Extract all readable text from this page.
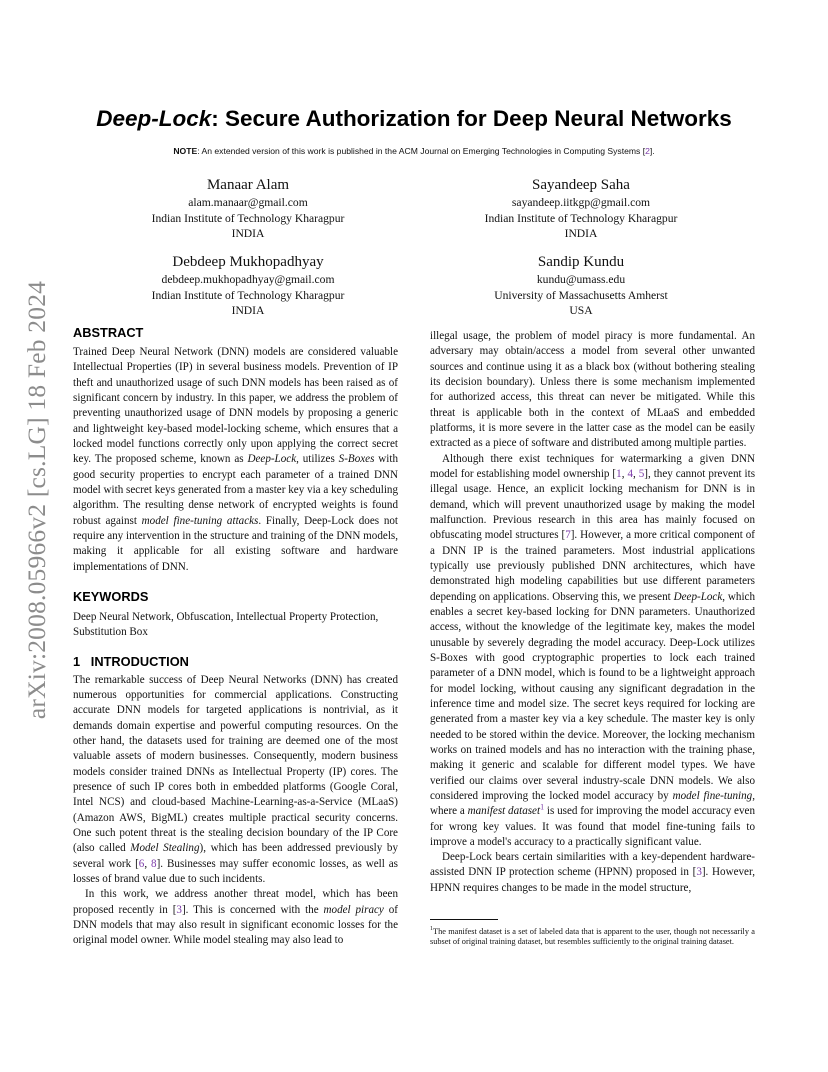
arXiv:2008.05966v2 [cs.LG] 18 Feb 2024
Deep-Lock: Secure Authorization for Deep Neural Networks
NOTE: An extended version of this work is published in the ACM Journal on Emerging Technologies in Computing Systems [2].
Manaar Alam
alam.manaar@gmail.com
Indian Institute of Technology Kharagpur
INDIA
Sayandeep Saha
sayandeep.iitkgp@gmail.com
Indian Institute of Technology Kharagpur
INDIA
Debdeep Mukhopadhyay
debdeep.mukhopadhyay@gmail.com
Indian Institute of Technology Kharagpur
INDIA
Sandip Kundu
kundu@umass.edu
University of Massachusetts Amherst
USA
ABSTRACT

Trained Deep Neural Network (DNN) models are considered valuable Intellectual Properties (IP) in several business models. Prevention of IP theft and unauthorized usage of such DNN models has been raised as of significant concern by industry. In this paper, we address the problem of preventing unauthorized usage of DNN models by proposing a generic and lightweight key-based model-locking scheme, which ensures that a locked model functions correctly only upon applying the correct secret key. The proposed scheme, known as Deep-Lock, utilizes S-Boxes with good security properties to encrypt each parameter of a trained DNN model with secret keys generated from a master key via a key scheduling algorithm. The resulting dense network of encrypted weights is found robust against model fine-tuning attacks. Finally, Deep-Lock does not require any intervention in the structure and training of the DNN models, making it applicable for all existing software and hardware implementations of DNN.

KEYWORDS

Deep Neural Network, Obfuscation, Intellectual Property Protection, Substitution Box

1   INTRODUCTION

The remarkable success of Deep Neural Networks (DNN) has created numerous opportunities for commercial applications. Constructing accurate DNN models for targeted applications is nontrivial, as it demands domain expertise and powerful computing resources. On the other hand, the datasets used for training are deemed one of the most valuable assets of modern businesses. Consequently, modern business models consider trained DNNs as Intellectual Property (IP) cores. The presence of such IP cores both in embedded platforms (Google Coral, Intel NCS) and cloud-based Machine-Learning-as-a-Service (MLaaS) (Amazon AWS, BigML) creates multiple practical security concerns. One such potent threat is the stealing decision boundary of the IP Core (also called Model Stealing), which has been addressed previously by several work [6, 8]. Businesses may suffer economic losses, as well as losses of brand value due to such incidents.

In this work, we address another threat model, which has been proposed recently in [3]. This is concerned with the model piracy of DNN models that may also result in significant economic losses for the original model owner. While model stealing may also lead to

illegal usage, the problem of model piracy is more fundamental. An adversary may obtain/access a model from several other unwanted sources and continue using it as a black box (without bothering stealing its decision boundary). Unless there is some mechanism implemented for authorized access, this threat can never be mitigated. While this threat is applicable both in the context of MLaaS and embedded platforms, it is more severe in the latter case as the model can be easily extracted as a piece of software and distributed among multiple parties.

Although there exist techniques for watermarking a given DNN model for establishing model ownership [1, 4, 5], they cannot prevent its illegal usage. Hence, an explicit locking mechanism for DNN is in demand, which will prevent unauthorized usage by making the model malfunction. Previous research in this area has mainly focused on obfuscating model structures [7]. However, a more critical component of a DNN IP is the trained parameters. Most industrial applications typically use previously published DNN architectures, which have demonstrated high modeling capabilities but use different parameters depending on applications. Observing this, we present Deep-Lock, which enables a secret key-based locking for DNN parameters. Unauthorized access, without the knowledge of the legitimate key, makes the model unusable by severely degrading the model accuracy. Deep-Lock utilizes S-Boxes with good cryptographic properties to lock each trained parameter of a DNN model, which is found to be a lightweight approach for model locking, without causing any significant degradation in the inference time and model size. The secret keys required for locking are generated from a master key via a key schedule. The master key is only needed to be stored within the device. Moreover, the locking mechanism works on trained models and has no interaction with the training phase, making it generic and scalable for different model types. We have verified our claims over several industry-scale DNN models. We also considered improving the locked model accuracy by model fine-tuning, where a manifest dataset$^1$ is used for improving the model accuracy even for wrong key values. It was found that model fine-tuning fails to improve a model's accuracy to a practically significant value.

Deep-Lock bears certain similarities with a key-dependent hardware-assisted DNN IP protection scheme (HPNN) proposed in [3]. However, HPNN requires changes to be made in the model structure,

$^1$The manifest dataset is a set of labeled data that is apparent to the user, though not necessarily a subset of original training dataset, but resembles sufficiently to the original training dataset.
